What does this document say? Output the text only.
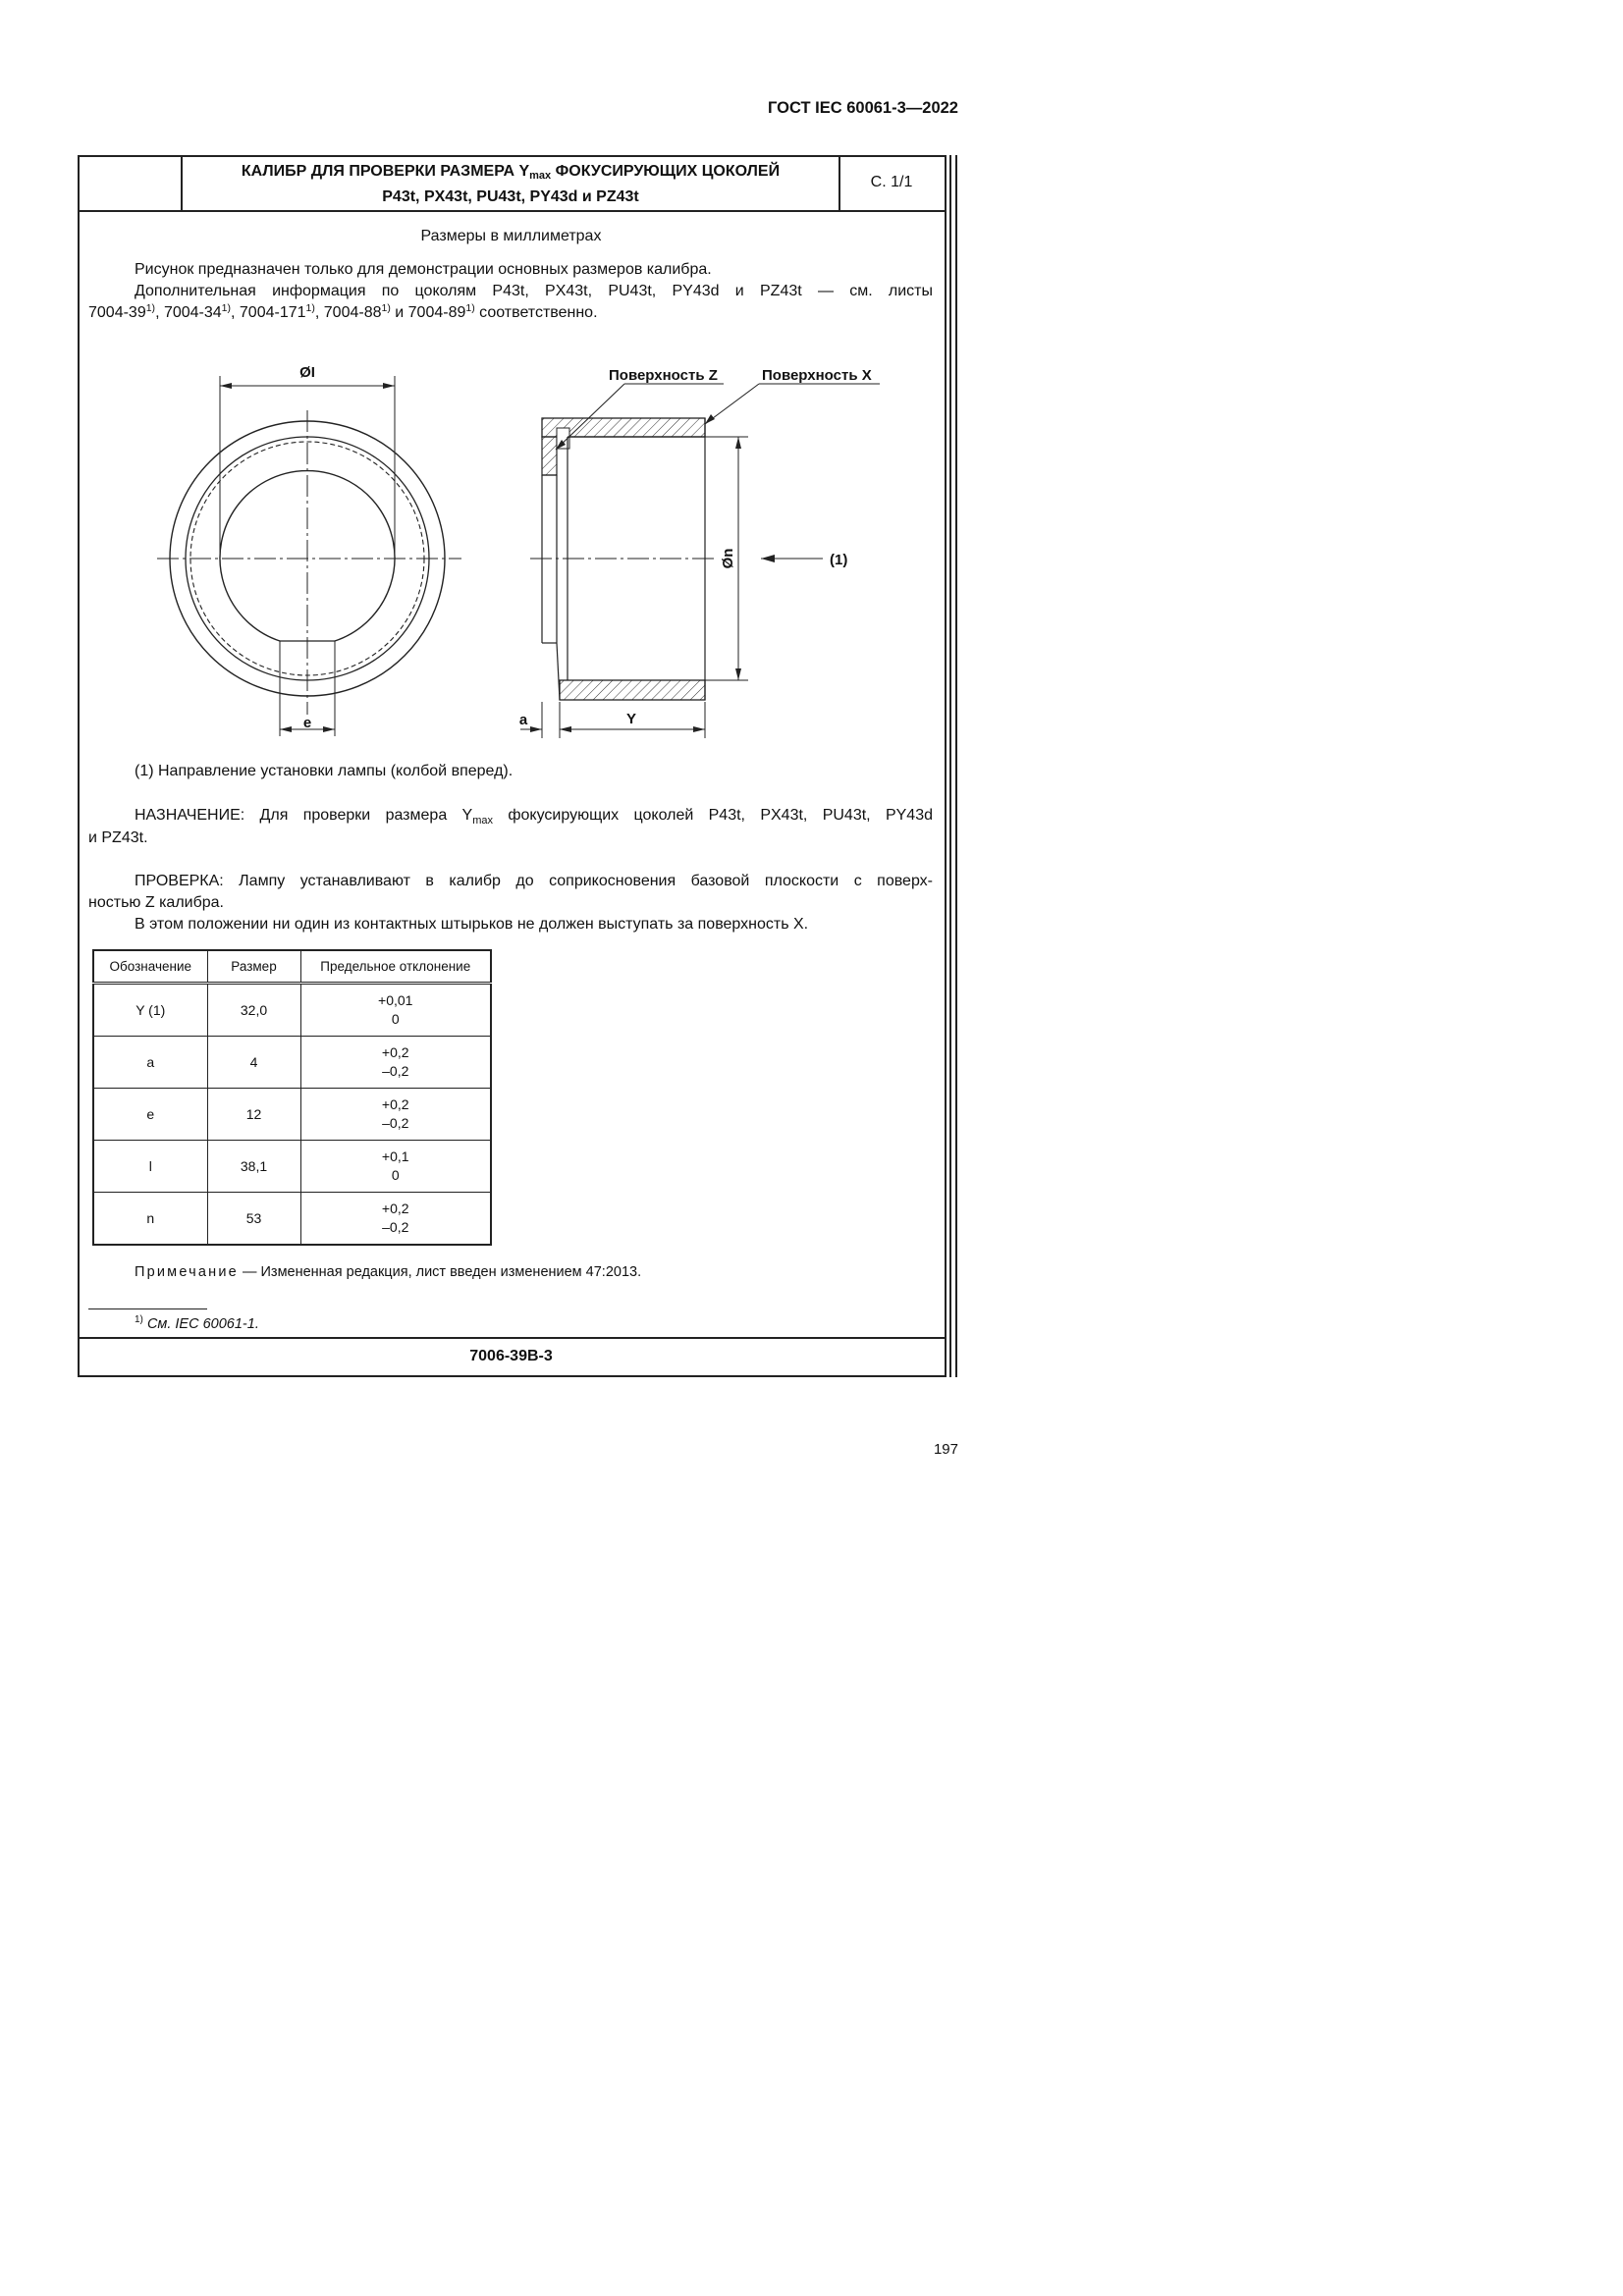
ГОСТ IEC 60061-3—2022
КАЛИБР ДЛЯ ПРОВЕРКИ РАЗМЕРА $Y_{max}$ ФОКУСИРУЮЩИХ ЦОКОЛЕЙ
P43t, PX43t, PU43t, PY43d и PZ43t
С. 1/1
Размеры в миллиметрах
Рисунок предназначен только для демонстрации основных размеров калибра.
Дополнительная информация по цоколям P43t, PX43t, PU43t, PY43d и PZ43t — см. листы
7004-39$^{1)}$, 7004-34$^{1)}$, 7004-171$^{1)}$, 7004-88$^{1)}$ и 7004-89$^{1)}$ соответственно.
ØI
e
Øn
a	Y
Поверхность Z	Поверхность X
(1)
(1) Направление установки лампы (колбой вперед).
НАЗНАЧЕНИЕ: Для проверки размера $Y_{max}$ фокусирующих цоколей P43t, PX43t, PU43t, PY43d
и PZ43t.
ПРОВЕРКА: Лампу устанавливают в калибр до соприкосновения базовой плоскости с поверх-
ностью Z калибра.
В этом положении ни один из контактных штырьков не должен выступать за поверхность X.
Обозначение	Размер	Предельное отклонение
Y (1)	32,0	+0,01
0

a	4	+0,2
–0,2

e	12	+0,2
–0,2

l	38,1	+0,1
0

n	53	+0,2
–0,2
Примечание — Измененная редакция, лист введен изменением 47:2013.
$^{1)}$ См. IEC 60061-1.
7006-39B-3
197
